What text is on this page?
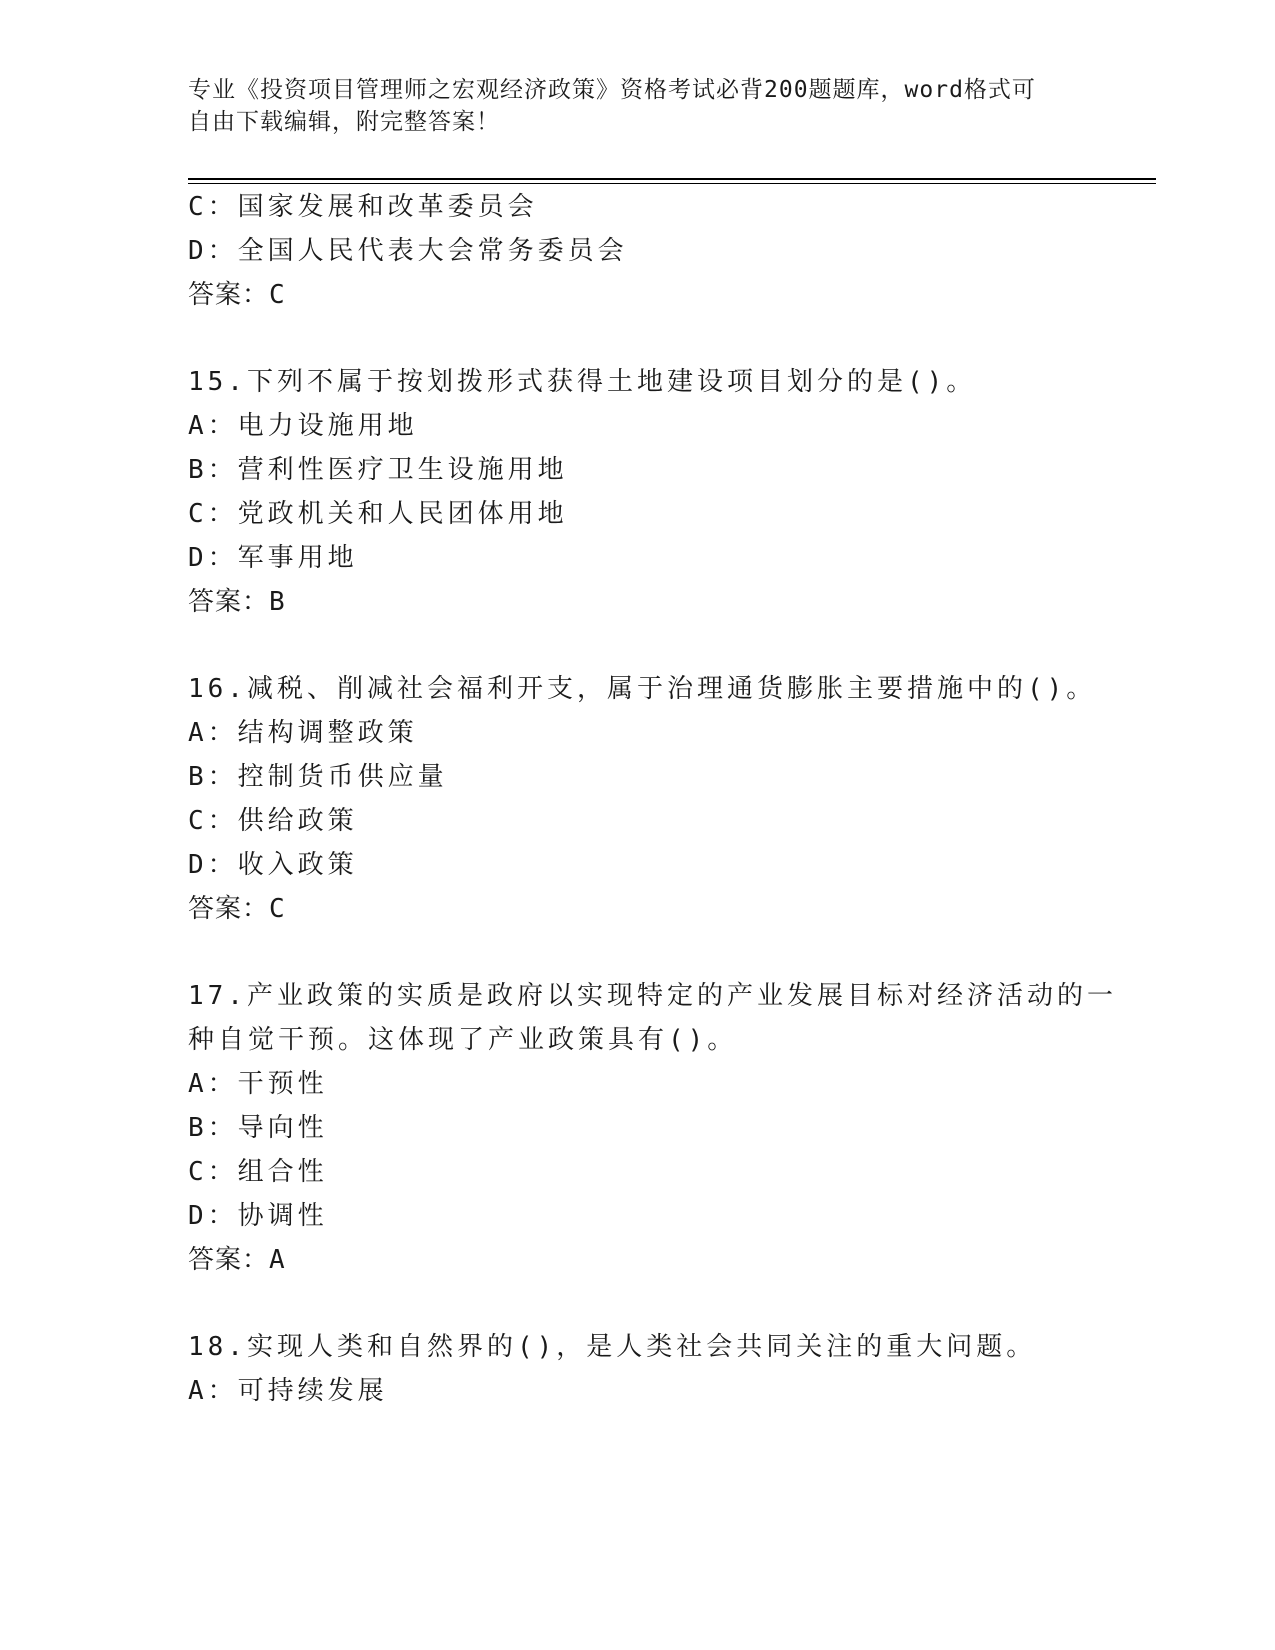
专业《投资项目管理师之宏观经济政策》资格考试必背200题题库，word格式可
自由下载编辑，附完整答案！
C：国家发展和改革委员会
D：全国人民代表大会常务委员会
答案：C
15.下列不属于按划拨形式获得土地建设项目划分的是()。
A：电力设施用地
B：营利性医疗卫生设施用地
C：党政机关和人民团体用地
D：军事用地
答案：B
16.减税、削减社会福利开支，属于治理通货膨胀主要措施中的()。
A：结构调整政策
B：控制货币供应量
C：供给政策
D：收入政策
答案：C
17.产业政策的实质是政府以实现特定的产业发展目标对经济活动的一
种自觉干预。这体现了产业政策具有()。
A：干预性
B：导向性
C：组合性
D：协调性
答案：A
18.实现人类和自然界的()，是人类社会共同关注的重大问题。
A：可持续发展
